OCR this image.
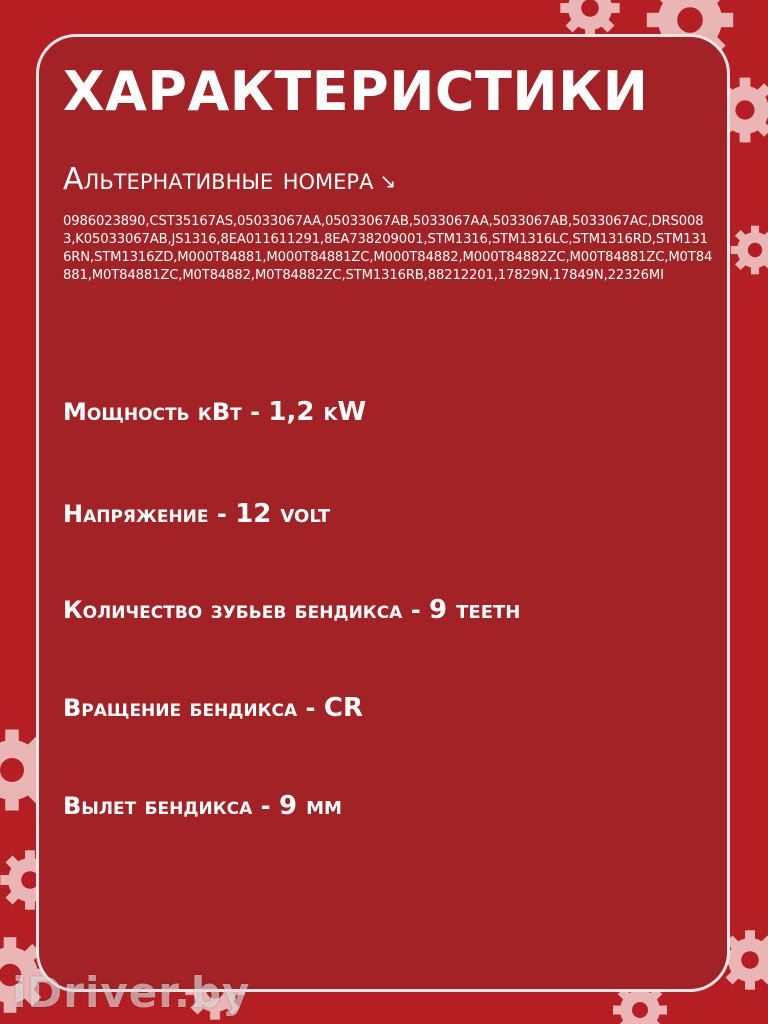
ХАРАКТЕРИСТИКИ
Альтернативные номера ↘

0986023890,CST35167AS,05033067AA,05033067AB,5033067AA,5033067AB,5033067AC,DRS0083,K05033067AB,JS1316,8EA011611291,8EA738209001,STM1316,STM1316LC,STM1316RD,STM1316RN,STM1316ZD,M000T84881,M000T84881ZC,M000T84882,M000T84882ZC,M00T84881ZC,M0T84881,M0T84881ZC,M0T84882,M0T84882ZC,STM1316RB,88212201,17829N,17849N,22326MI

Мощность кВт - 1,2 kW
Напряжение - 12 volt
Количество зубьев бендикса - 9 teeth
Вращение бендикса - CR
Вылет бендикса - 9 мм
iDriver.by
